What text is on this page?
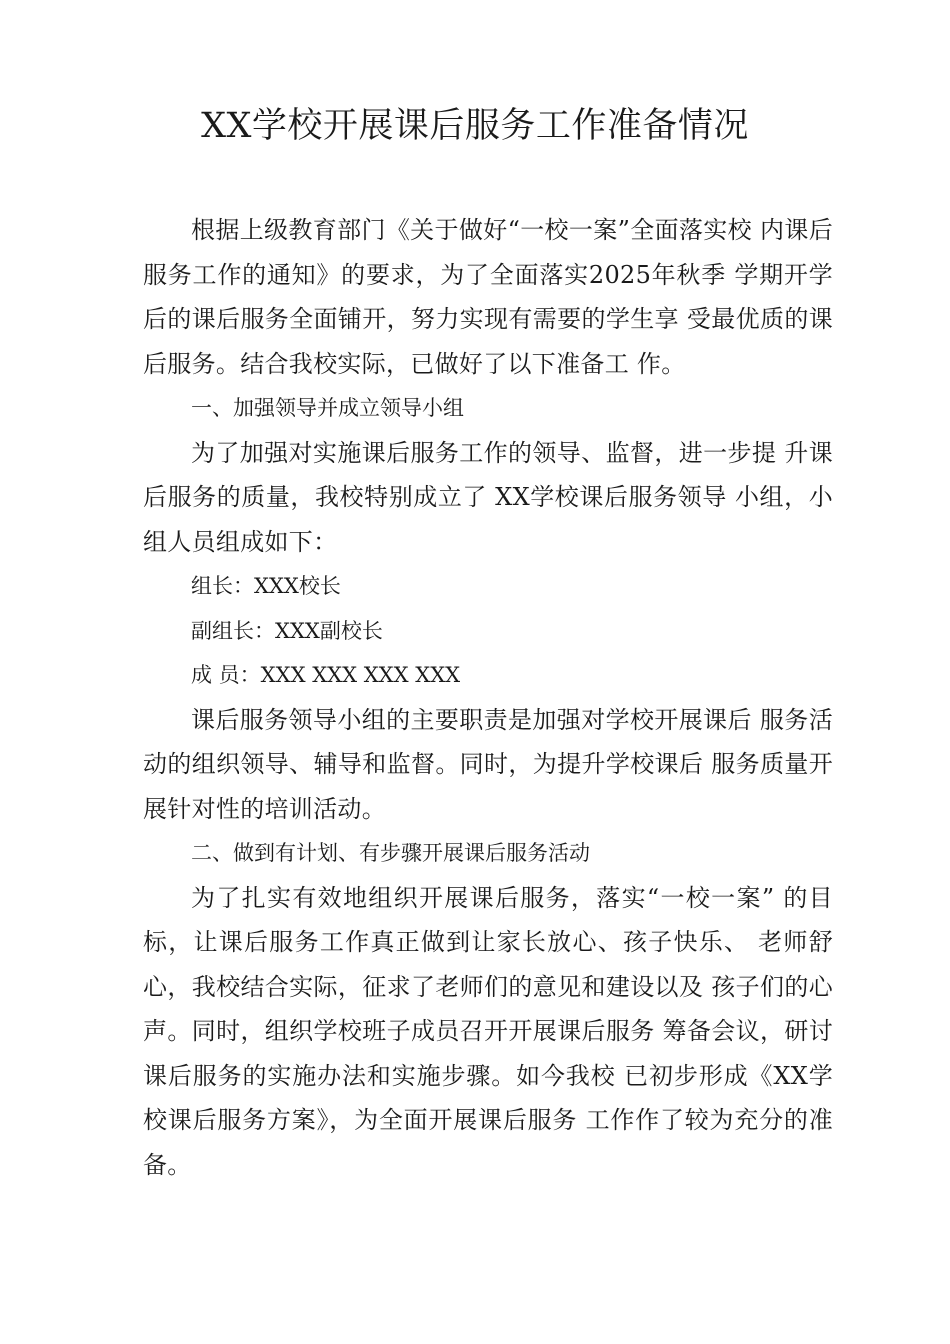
XX学校开展课后服务工作准备情况

根据上级教育部门《关于做好“一校一案”全面落实校 内课后服务工作的通知》的要求，为了全面落实2025年秋季 学期开学后的课后服务全面铺开，努力实现有需要的学生享 受最优质的课后服务。结合我校实际，已做好了以下准备工 作。

一、加强领导并成立领导小组

为了加强对实施课后服务工作的领导、监督，进一步提 升课后服务的质量，我校特别成立了 XX学校课后服务领导 小组，小组人员组成如下：

组长：XXX校长

副组长：XXX副校长

成 员：XXX XXX XXX XXX

课后服务领导小组的主要职责是加强对学校开展课后 服务活动的组织领导、辅导和监督。同时，为提升学校课后 服务质量开展针对性的培训活动。

二、做到有计划、有步骤开展课后服务活动

为了扎实有效地组织开展课后服务，落实“一校一案” 的目标，让课后服务工作真正做到让家长放心、孩子快乐、 老师舒心，我校结合实际，征求了老师们的意见和建设以及 孩子们的心声。同时，组织学校班子成员召开开展课后服务 筹备会议，研讨课后服务的实施办法和实施步骤。如今我校 已初步形成《XX学校课后服务方案》，为全面开展课后服务 工作作了较为充分的准备。
